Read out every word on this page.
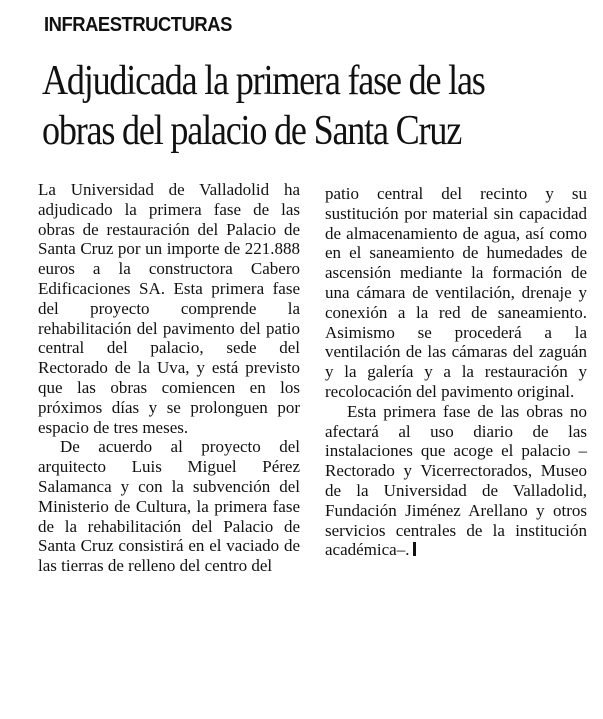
INFRAESTRUCTURAS
Adjudicada la primera fase de las
obras del palacio de Santa Cruz

La Universidad de Valladolid ha adjudicado la primera fase de las obras de restauración del Palacio de Santa Cruz por un importe de 221.888 euros a la constructora Cabero Edificaciones SA. Esta primera fase del proyecto comprende la rehabilitación del pavimento del patio central del palacio, sede del Rectorado de la Uva, y está previsto que las obras comiencen en los próximos días y se prolonguen por espacio de tres meses.

De acuerdo al proyecto del arquitecto Luis Miguel Pérez Salamanca y con la subvención del Ministerio de Cultura, la primera fase de la rehabilitación del Palacio de Santa Cruz consistirá en el vaciado de las tierras de relleno del centro del

patio central del recinto y su sustitución por material sin capacidad de almacenamiento de agua, así como en el saneamiento de humedades de ascensión mediante la formación de una cámara de ventilación, drenaje y conexión a la red de saneamiento. Asimismo se procederá a la ventilación de las cámaras del zaguán y la galería y a la restauración y recolocación del pavimento original.

Esta primera fase de las obras no afectará al uso diario de las instalaciones que acoge el palacio –Rectorado y Vicerrectorados, Museo de la Universidad de Valladolid, Fundación Jiménez Arellano y otros servicios centrales de la institución académica–.
